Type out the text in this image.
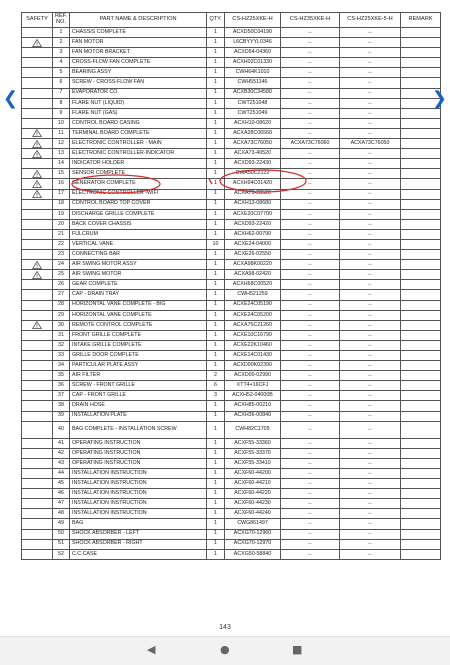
SAFETY	REF. NO.	PART NAME & DESCRIPTION	QTY.	CS-HZ25XKE-H	CS-HZ35XKE-H	CS-HZ25XKE-5-H	REMARK
	1	CHASSIS COMPLETE	1	ACXD50C04190	←	←	
	2	FAN MOTOR	1	L6CBYYYL0346	←	←	
	3	FAN MOTOR BRACKET	1	ACXD54-04360	←	←	
	4	CROSS-FLOW FAN COMPLETE	1	ACXH02C01330	←	←	
	5	BEARING ASSY	1	CWH64K1010	←	←	
	6	SCREW - CROSS-FLOW FAN	1	CWH551146	←	←	
	7	EVAPORATOR CO.	1	ACXB30C34580	←	←	
	8	FLARE NUT (LIQUID)	1	CWT251048	←	←	
	9	FLARE NUT (GAS)	1	CWT251049	←	←	
	10	CONTROL BOARD CASING	1	ACXH10-08620	←	←	
	11	TERMINAL BOARD COMPLETE	1	ACXA28C06560	←	←	
	12	ELECTRONIC CONTROLLER - MAIN	1	ACXA73C76050	ACXA73C76060	ACXA73C76050	
	13	ELECTRONIC CONTROLLER-INDICATOR	1	ACXA73-40520	←	←	
	14	INDICATOR HOLDER	1	ACXD93-22430	←	←	
	15	SENSOR COMPLETE	1	CWA50C2122	←	←	
	16	GENERATOR COMPLETE	1	ACXH94C01420	←	←	
	17	ELECTRONIC CONTROLLER -WIFI	1	ACXA73-28520	←	←	
	18	CONTROL BOARD TOP COVER	1	ACXH13-08680	←	←	
	19	DISCHARGE GRILLE COMPLETE	1	ACXE20C07700	←	←	
	20	BACK COVER CHASSIS	1	ACXD93-22420	←	←	
	21	FULCRUM	1	ACXH62-00790	←	←	
	22	VERTICAL VANE	10	ACXE24-04000	←	←	
	23	CONNECTING BAR	1	ACXE26-02550	←	←	
	24	AIR SWING MOTOR ASSY	1	ACXA98K00220	←	←	
	25	AIR SWING MOTOR	1	ACXA98-02420	←	←	
	26	GEAR COMPLETE	1	ACXH68C00520	←	←	
	27	CAP - DRAIN TRAY	1	CWH521259	←	←	
	28	HORIZONTAL VANE COMPLETE - BIG	1	ACXE24C05190	←	←	
	29	HORIZONTAL VANE COMPLETE	1	ACXE24C05200	←	←	
	30	REMOTE CONTROL COMPLETE	1	ACXA75C21260	←	←	
	31	FRONT GRILLE COMPLETE	1	ACXE10C16790	←	←	
	32	INTAKE GRILLE COMPLETE	1	ACXE22K10460	←	←	
	33	GRILLE DOOR COMPLETE	1	ACXE14C01430	←	←	
	34	PARTICULAR PLATE ASSY	1	ACXD90K02390	←	←	
	35	AIR FILTER	2	ACXD00-02990	←	←	
	36	SCREW - FRONT GRILLE	6	XTT4+16CFJ	←	←	
	37	CAP - FRONT GRILLE	3	ACXH52-04000B	←	←	
	38	DRAIN HOSE	1	ACXH85-00210	←	←	
	39	INSTALLATION PLATE	1	ACXH36-00840	←	←	
	40	BAG COMPLETE - INSTALLATION SCREW	1	CWH82C1705	←	←	
	41	OPERATING INSTRUCTION	1	ACXF55-33360	←	←	
	42	OPERATING INSTRUCTION	1	ACXF55-33370	←	←	
	43	OPERATING INSTRUCTION	1	ACXF55-33410	←	←	
	44	INSTALLATION INSTRUCTION	1	ACXF60-44200	←	←	
	45	INSTALLATION INSTRUCTION	1	ACXF60-44210	←	←	
	46	INSTALLATION INSTRUCTION	1	ACXF60-44220	←	←	
	47	INSTALLATION INSTRUCTION	1	ACXF60-44230	←	←	
	48	INSTALLATION INSTRUCTION	1	ACXF60-44240	←	←	
	49	BAG	1	CWG861497	←	←	
	50	SHOCK ABSORBER - LEFT	1	ACXG70-12960	←	←	
	51	SHOCK ABSORBER - RIGHT	1	ACXG70-12970	←	←	
	52	C.C.CASE	1	ACXG50-58840	←	←	
❮	❯
143
◀	●	■
